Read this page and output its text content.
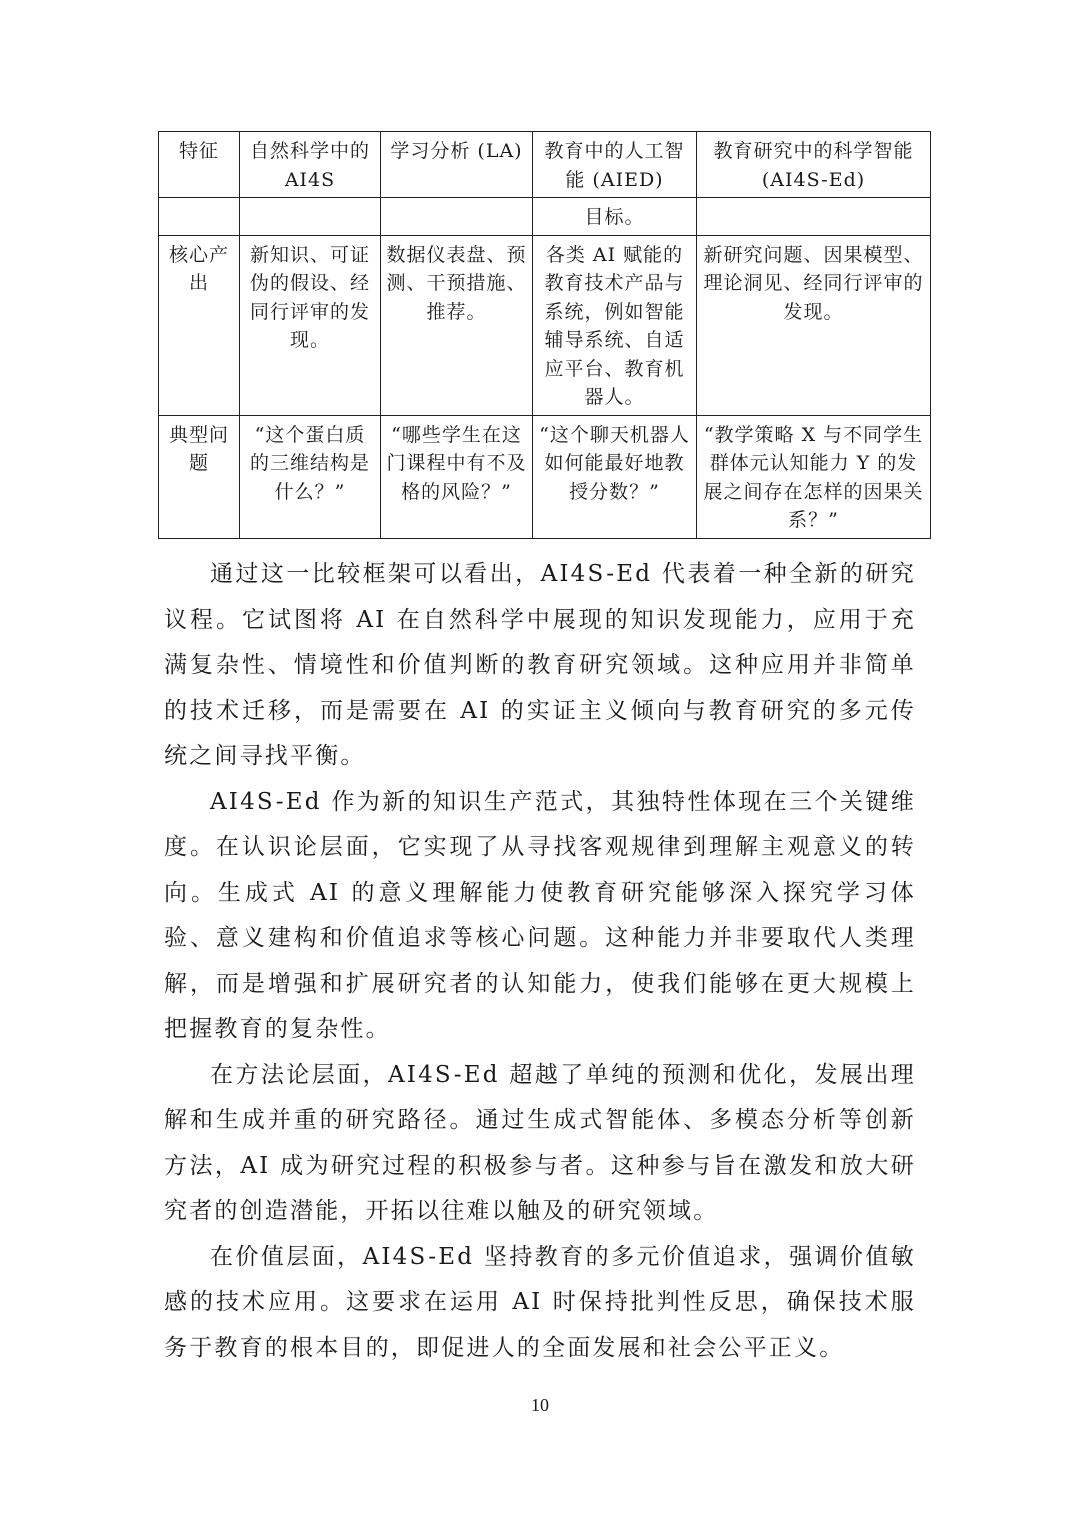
特征	自然科学中的 AI4S	学习分析 (LA)	教育中的人工智能 (AIED)	教育研究中的科学智能 (AI4S-Ed)
			目标。	
核心产出	新知识、可证伪的假设、经同行评审的发现。	数据仪表盘、预测、干预措施、推荐。	各类 AI 赋能的教育技术产品与系统，例如智能辅导系统、自适应平台、教育机器人。	新研究问题、因果模型、理论洞见、经同行评审的发现。
典型问题	“这个蛋白质的三维结构是什么？”	“哪些学生在这门课程中有不及格的风险？”	“这个聊天机器人如何能最好地教授分数？”	“教学策略 X 与不同学生群体元认知能力 Y 的发展之间存在怎样的因果关系？”

通过这一比较框架可以看出，AI4S-Ed 代表着一种全新的研究议程。它试图将 AI 在自然科学中展现的知识发现能力，应用于充满复杂性、情境性和价值判断的教育研究领域。这种应用并非简单的技术迁移，而是需要在 AI 的实证主义倾向与教育研究的多元传统之间寻找平衡。

AI4S-Ed 作为新的知识生产范式，其独特性体现在三个关键维度。在认识论层面，它实现了从寻找客观规律到理解主观意义的转向。生成式 AI 的意义理解能力使教育研究能够深入探究学习体验、意义建构和价值追求等核心问题。这种能力并非要取代人类理解，而是增强和扩展研究者的认知能力，使我们能够在更大规模上把握教育的复杂性。

在方法论层面，AI4S-Ed 超越了单纯的预测和优化，发展出理解和生成并重的研究路径。通过生成式智能体、多模态分析等创新方法，AI 成为研究过程的积极参与者。这种参与旨在激发和放大研究者的创造潜能，开拓以往难以触及的研究领域。

在价值层面，AI4S-Ed 坚持教育的多元价值追求，强调价值敏感的技术应用。这要求在运用 AI 时保持批判性反思，确保技术服务于教育的根本目的，即促进人的全面发展和社会公平正义。

10
